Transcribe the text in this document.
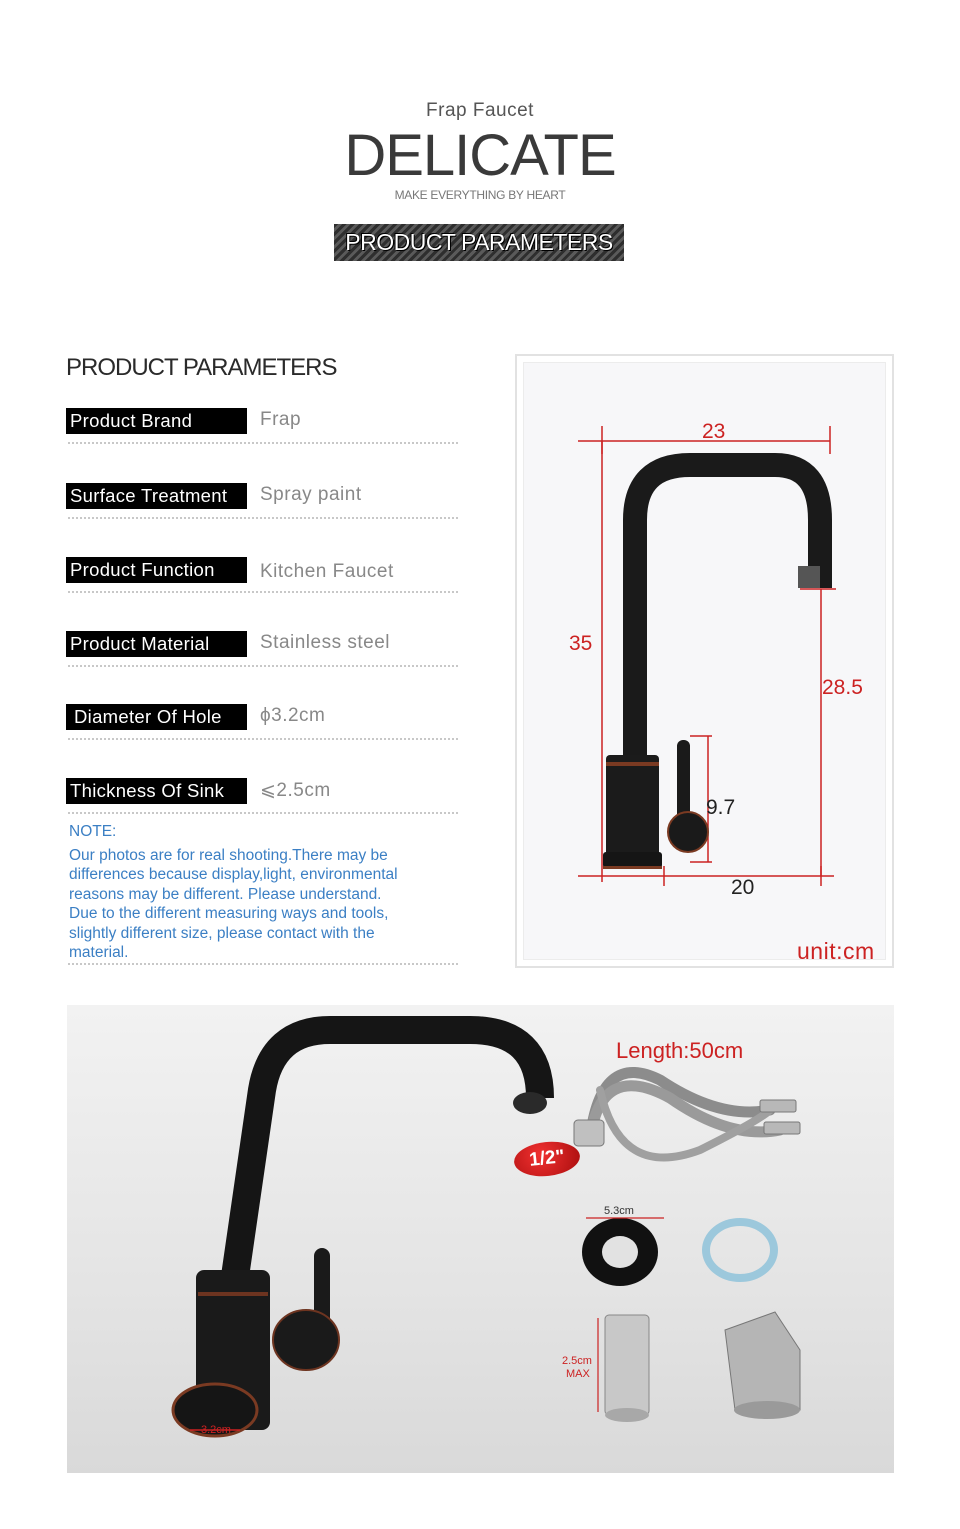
Frap Faucet
DELICATE
MAKE EVERYTHING BY HEART
PRODUCT PARAMETERS
PRODUCT PARAMETERS
Product Brand	Frap
Surface Treatment	Spray paint
Product Function	Kitchen Faucet
Product Material	Stainless steel
Diameter Of Hole	ϕ3.2cm
Thickness Of Sink	⩽2.5cm
NOTE:
Our photos are for real shooting.There may be
differences because display,light, environmental
reasons may be different. Please understand.
Due to the different measuring ways and tools,
slightly different size, please contact with the
material.
23
35
28.5
9.7
20
unit:cm
Length:50cm
1/2"
5.3cm
2.5cm
MAX
3.2cm
